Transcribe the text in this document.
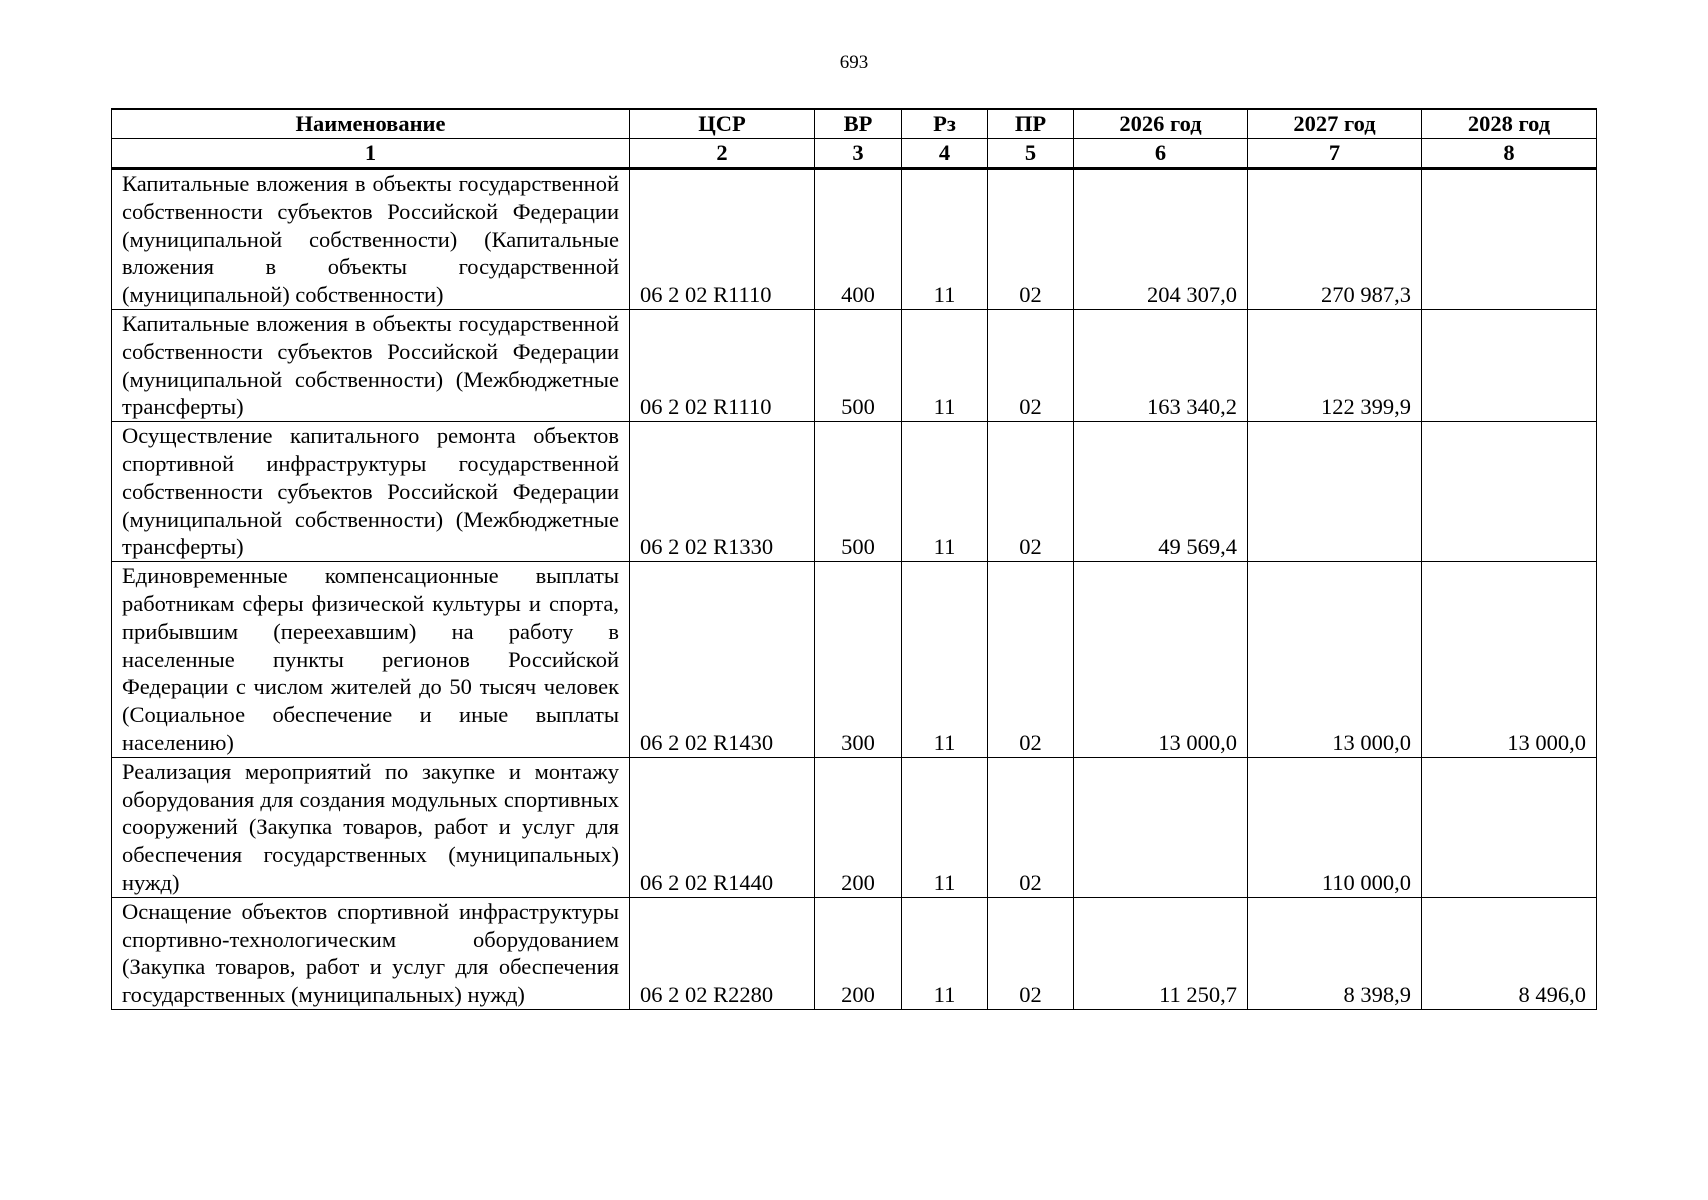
693
Наименование	ЦСР	ВР	Рз	ПР	2026 год	2027 год	2028 год
1	2	3	4	5	6	7	8
Капитальные вложения в объекты государственной собственности субъектов Российской Федерации (муниципальной собственности) (Капитальные вложения в объекты государственной (муниципальной) собственности)	06 2 02 R1110	400	11	02	204 307,0	270 987,3	
Капитальные вложения в объекты государственной собственности субъектов Российской Федерации (муниципальной собственности) (Межбюджетные трансферты)	06 2 02 R1110	500	11	02	163 340,2	122 399,9	
Осуществление капитального ремонта объектов спортивной инфраструктуры государственной собственности субъектов Российской Федерации (муниципальной собственности) (Межбюджетные трансферты)	06 2 02 R1330	500	11	02	49 569,4		
Единовременные компенсационные выплаты работникам сферы физической культуры и спорта, прибывшим (переехавшим) на работу в населенные пункты регионов Российской Федерации с числом жителей до 50 тысяч человек (Социальное обеспечение и иные выплаты населению)	06 2 02 R1430	300	11	02	13 000,0	13 000,0	13 000,0
Реализация мероприятий по закупке и монтажу оборудования для создания модульных спортивных сооружений (Закупка товаров, работ и услуг для обеспечения государственных (муниципальных) нужд)	06 2 02 R1440	200	11	02		110 000,0	
Оснащение объектов спортивной инфраструктуры спортивно-технологическим оборудованием (Закупка товаров, работ и услуг для обеспечения государственных (муниципальных) нужд)	06 2 02 R2280	200	11	02	11 250,7	8 398,9	8 496,0
